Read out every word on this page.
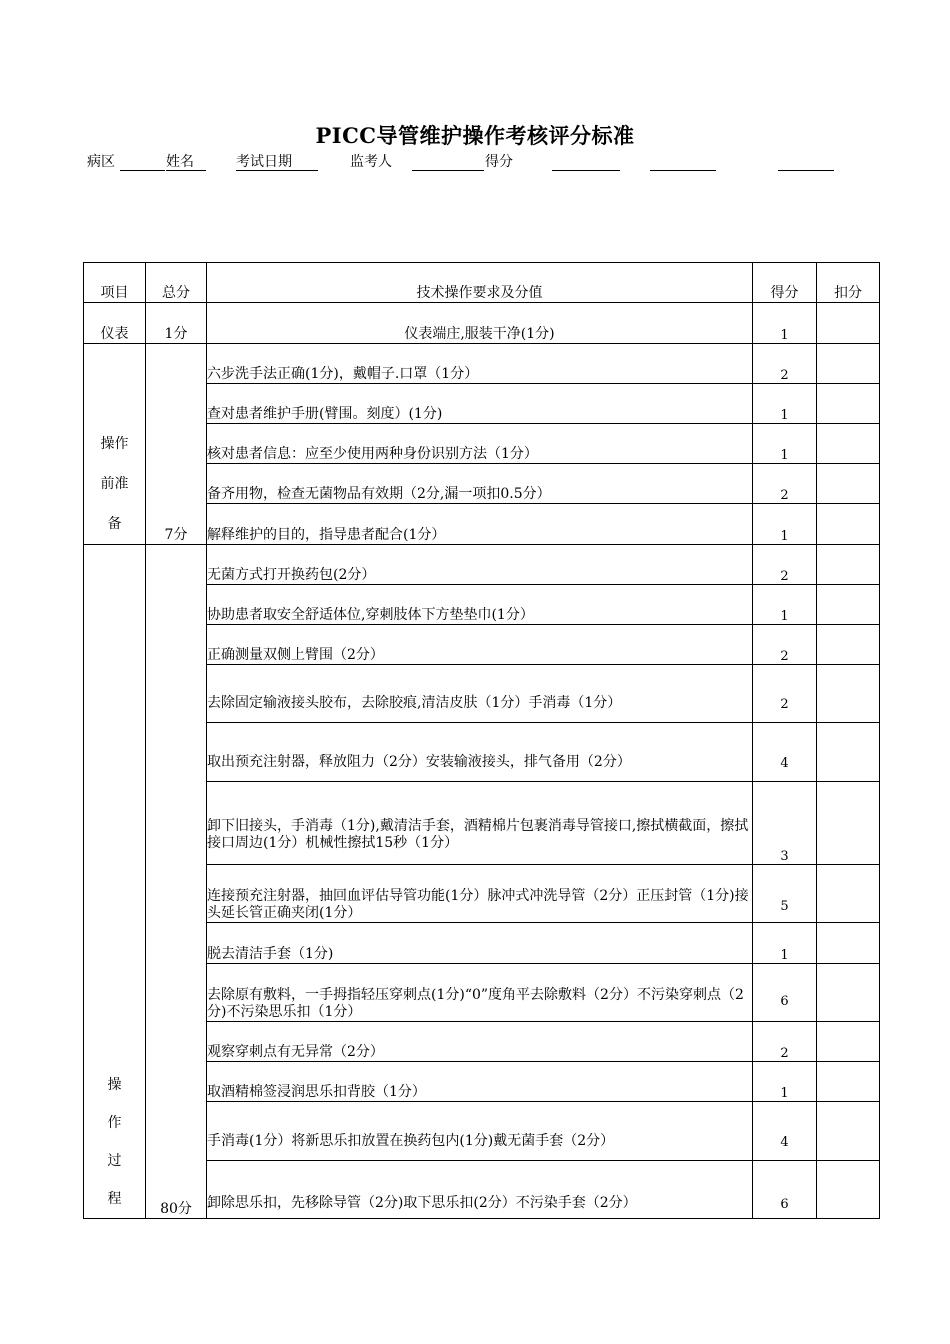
PICC导管维护操作考核评分标准
病区	姓名	考试日期	监考人	得分
项目	总分	技术操作要求及分值	得分	扣分
仪表	1分	仪表端庄,服装干净(1分)	1	

操作
前准
备	7分	六步洗手法正确(1分)，戴帽子.口罩（1分）	2	
		查对患者维护手册(臂围。刻度）(1分)	1	
		核对患者信息：应至少使用两种身份识别方法（1分）	1	
		备齐用物，检查无菌物品有效期（2分,漏一项扣0.5分）	2	
		解释维护的目的，指导患者配合(1分）	1	

操
作
过
程	80分	无菌方式打开换药包(2分）	2	
		协助患者取安全舒适体位,穿刺肢体下方垫垫巾(1分）	1	
		正确测量双侧上臂围（2分）	2	
		去除固定输液接头胶布，去除胶痕,清洁皮肤（1分）手消毒（1分）	2	
		取出预充注射器，释放阻力（2分）安装输液接头，排气备用（2分）	4	
		卸下旧接头，手消毒（1分),戴清洁手套，酒精棉片包裹消毒导管接口,擦拭横截面，擦拭接口周边(1分）机械性擦拭15秒（1分）	3	
		连接预充注射器，抽回血评估导管功能(1分）脉冲式冲洗导管（2分）正压封管（1分)接头延长管正确夹闭(1分）	5	
		脱去清洁手套（1分)	1	
		去除原有敷料，一手拇指轻压穿刺点(1分)“0”度角平去除敷料（2分）不污染穿刺点（2分)不污染思乐扣（1分）	6	
		观察穿刺点有无异常（2分）	2	
		取酒精棉签浸润思乐扣背胶（1分）	1	
		手消毒(1分）将新思乐扣放置在换药包内(1分)戴无菌手套（2分）	4	
		卸除思乐扣，先移除导管（2分)取下思乐扣(2分）不污染手套（2分）	6	
